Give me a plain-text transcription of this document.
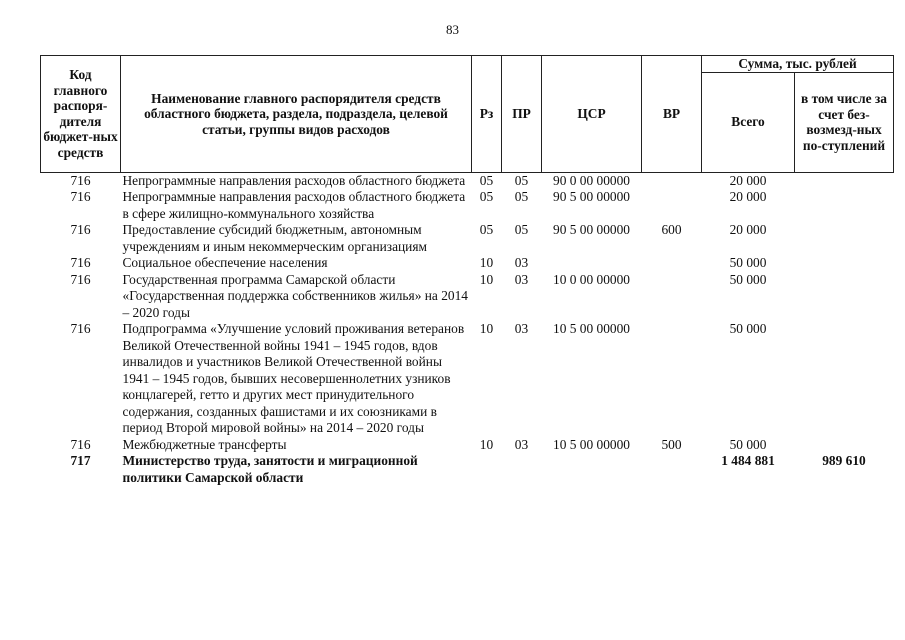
83
Код главного распоря-дителя бюджет-ных средств	Наименование главного распорядителя средств областного бюджета, раздела, подраздела, целевой статьи, группы видов расходов	Рз	ПР	ЦСР	ВР	Сумма, тыс. рублей	
						Всего	в том числе за счет без-возмезд-ных по-ступлений
716	Непрограммные направления расходов областного бюджета	05	05	90 0 00 00000		20 000	
716	Непрограммные направления расходов областного бюджета в сфере жилищно-коммунального хозяйства	05	05	90 5 00 00000		20 000	
716	Предоставление субсидий бюджетным, автономным учреждениям и иным некоммерческим организациям	05	05	90 5 00 00000	600	20 000	
716	Социальное обеспечение населения	10	03			50 000	
716	Государственная программа Самарской области «Государственная поддержка собственников жилья» на 2014 – 2020 годы	10	03	10 0 00 00000		50 000	
716	Подпрограмма «Улучшение условий проживания ветеранов Великой Отечественной войны 1941 – 1945 годов, вдов инвалидов и участников Великой Отечественной войны 1941 – 1945 годов, бывших несовершеннолетних узников концлагерей, гетто и других мест принудительного содержания, созданных фашистами и их союзниками в период Второй мировой войны» на 2014 – 2020 годы	10	03	10 5 00 00000		50 000	
716	Межбюджетные трансферты	10	03	10 5 00 00000	500	50 000	
717	Министерство труда, занятости и миграционной политики Самарской области					1 484 881	989 610
